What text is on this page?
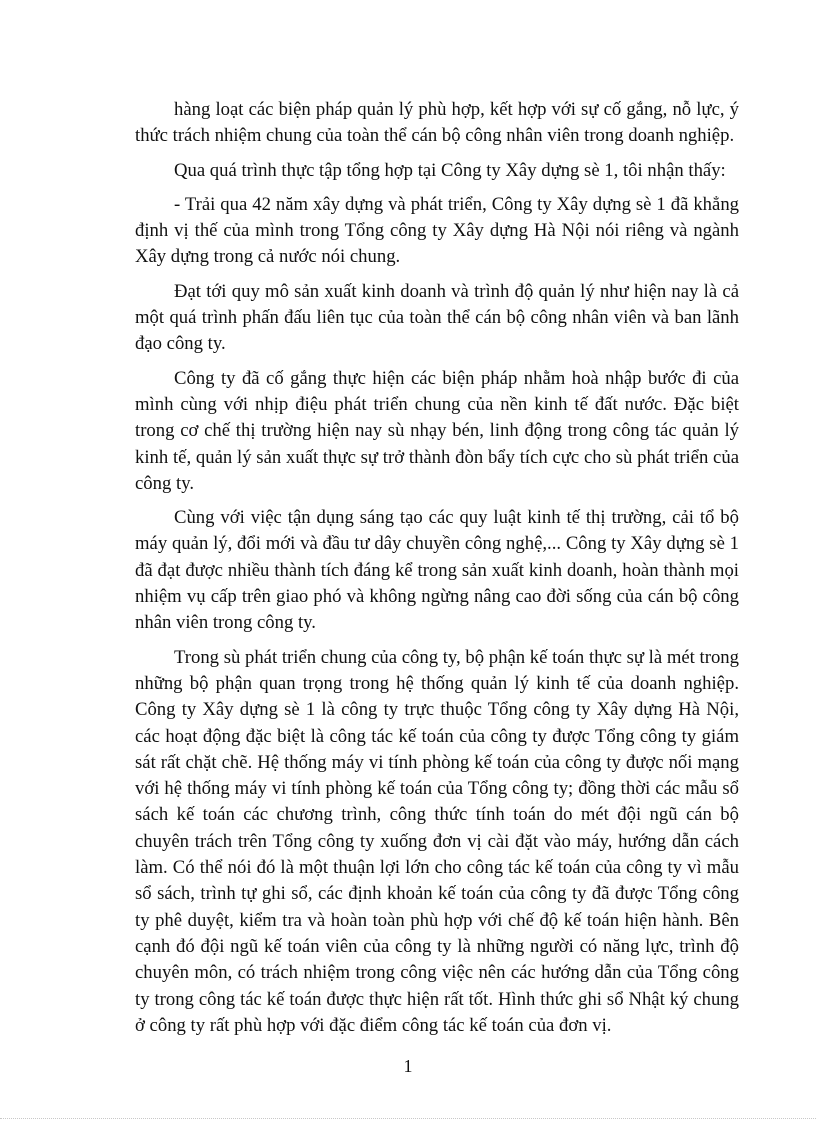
hàng loạt các biện pháp quản lý phù hợp, kết hợp với sự cố gắng, nỗ lực, ý thức trách nhiệm chung của toàn thể cán bộ công nhân viên trong doanh nghiệp.

Qua quá trình thực tập tổng hợp tại Công ty Xây dựng sè 1, tôi nhận thấy:

- Trải qua 42 năm xây dựng và phát triển, Công ty Xây dựng sè 1 đã khẳng định vị thế của mình trong Tổng công ty Xây dựng Hà Nội nói riêng và ngành Xây dựng trong cả nước nói chung.

Đạt tới quy mô sản xuất kinh doanh và trình độ quản lý như hiện nay là cả một quá trình phấn đấu liên tục của toàn thể cán bộ công nhân viên và ban lãnh đạo công ty.

Công ty đã cố gắng thực hiện các biện pháp nhằm hoà nhập bước đi của mình cùng với nhịp điệu phát triển chung của nền kinh tế đất nước. Đặc biệt trong cơ chế thị trường hiện nay sù nhạy bén, linh động trong công tác quản lý kinh tế, quản lý sản xuất thực sự trở thành đòn bẩy tích cực cho sù phát triển của công ty.

Cùng với việc tận dụng sáng tạo các quy luật kinh tế thị trường, cải tổ bộ máy quản lý, đổi mới và đầu tư dây chuyền công nghệ,... Công ty Xây dựng sè 1 đã đạt được nhiều thành tích đáng kể trong sản xuất kinh doanh, hoàn thành mọi nhiệm vụ cấp trên giao phó và không ngừng nâng cao đời sống của cán bộ công nhân viên trong công ty.

Trong sù phát triển chung của công ty, bộ phận kế toán thực sự là mét trong những bộ phận quan trọng trong hệ thống quản lý kinh tế của doanh nghiệp. Công ty Xây dựng sè 1 là công ty trực thuộc Tổng công ty Xây dựng Hà Nội, các hoạt động đặc biệt là công tác kế toán của công ty được Tổng công ty giám sát rất chặt chẽ. Hệ thống máy vi tính phòng kế toán của công ty được nối mạng với hệ thống máy vi tính phòng kế toán của Tổng công ty; đồng thời các mẫu sổ sách kế toán các chương trình, công thức tính toán do mét đội ngũ cán bộ chuyên trách trên Tổng công ty xuống đơn vị cài đặt vào máy, hướng dẫn cách làm. Có thể nói đó là một thuận lợi lớn cho công tác kế toán của công ty vì mẫu sổ sách, trình tự ghi sổ, các định khoản kế toán của công ty đã được Tổng công ty phê duyệt, kiểm tra và hoàn toàn phù hợp với chế độ kế toán hiện hành. Bên cạnh đó đội ngũ kế toán viên của công ty là những người có năng lực, trình độ chuyên môn, có trách nhiệm trong công việc nên các hướng dẫn của Tổng công ty trong công tác kế toán được thực hiện rất tốt. Hình thức ghi sổ Nhật ký chung ở công ty rất phù hợp với đặc điểm công tác kế toán của đơn vị.

1
